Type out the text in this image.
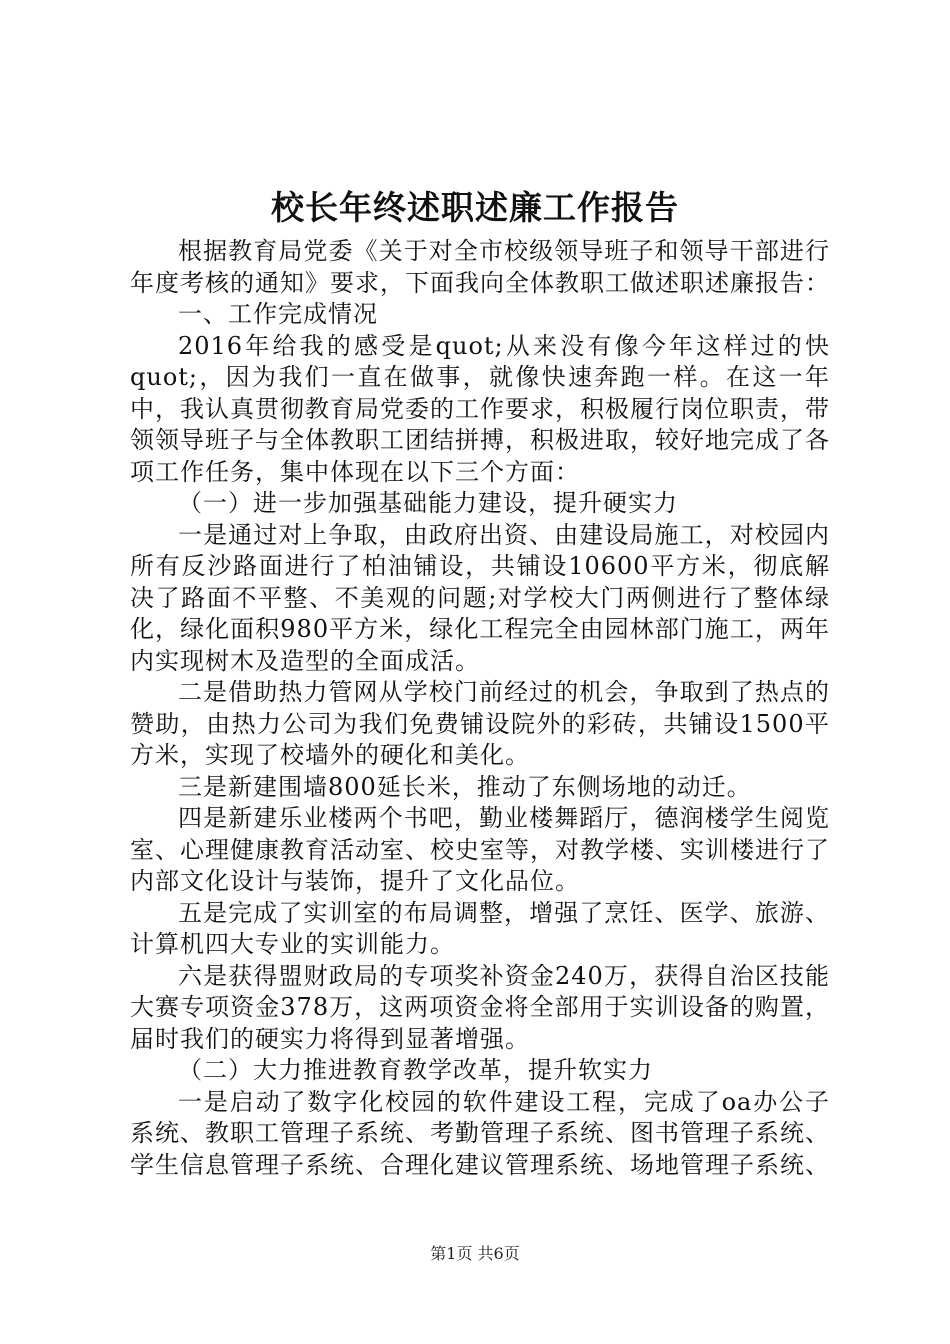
校长年终述职述廉工作报告

根据教育局党委《关于对全市校级领导班子和领导干部进行年度考核的通知》要求，下面我向全体教职工做述职述廉报告：

一、工作完成情况

2016年给我的感受是quot;从来没有像今年这样过的快quot;，因为我们一直在做事，就像快速奔跑一样。在这一年中，我认真贯彻教育局党委的工作要求，积极履行岗位职责，带领领导班子与全体教职工团结拼搏，积极进取，较好地完成了各项工作任务，集中体现在以下三个方面：

（一）进一步加强基础能力建设，提升硬实力

一是通过对上争取，由政府出资、由建设局施工，对校园内所有反沙路面进行了柏油铺设，共铺设10600平方米，彻底解决了路面不平整、不美观的问题;对学校大门两侧进行了整体绿化，绿化面积980平方米，绿化工程完全由园林部门施工，两年内实现树木及造型的全面成活。

二是借助热力管网从学校门前经过的机会，争取到了热点的赞助，由热力公司为我们免费铺设院外的彩砖，共铺设1500平方米，实现了校墙外的硬化和美化。

三是新建围墙800延长米，推动了东侧场地的动迁。

四是新建乐业楼两个书吧，勤业楼舞蹈厅，德润楼学生阅览室、心理健康教育活动室、校史室等，对教学楼、实训楼进行了内部文化设计与装饰，提升了文化品位。

五是完成了实训室的布局调整，增强了烹饪、医学、旅游、计算机四大专业的实训能力。

六是获得盟财政局的专项奖补资金240万，获得自治区技能大赛专项资金378万，这两项资金将全部用于实训设备的购置，届时我们的硬实力将得到显著增强。

（二）大力推进教育教学改革，提升软实力

一是启动了数字化校园的软件建设工程，完成了oa办公子系统、教职工管理子系统、考勤管理子系统、图书管理子系统、学生信息管理子系统、合理化建议管理系统、场地管理子系统、

第1页 共6页
